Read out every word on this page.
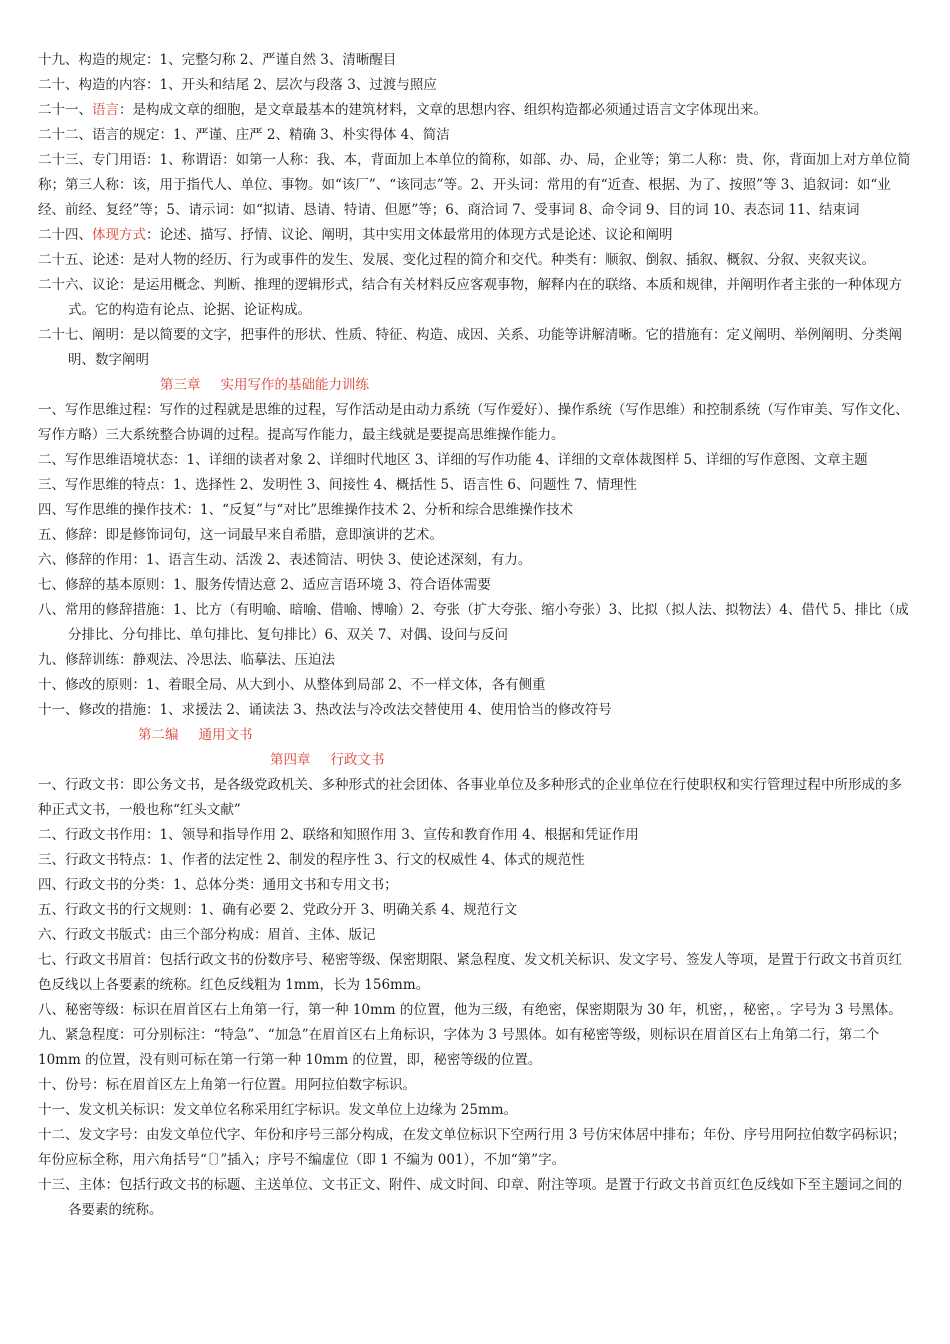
十九、构造的规定：1、完整匀称 2、严谨自然 3、清晰醒目
二十、构造的内容：1、开头和结尾 2、层次与段落 3、过渡与照应
二十一、语言：是构成文章的细胞，是文章最基本的建筑材料，文章的思想内容、组织构造都必须通过语言文字体现出来。
二十二、语言的规定：1、严谨、庄严 2、精确 3、朴实得体 4、简洁
二十三、专门用语：1、称谓语：如第一人称：我、本，背面加上本单位的简称，如部、办、局，企业等；第二人称：贵、你，背面加上对方单位简称；第三人称：该，用于指代人、单位、事物。如“该厂”、“该同志”等。2、开头词：常用的有“近查、根据、为了、按照”等 3、追叙词：如“业经、前经、复经”等；5、请示词：如“拟请、恳请、特请、但愿”等；6、商洽词 7、受事词 8、命令词 9、目的词 10、表态词 11、结束词
二十四、体现方式：论述、描写、抒情、议论、阐明，其中实用文体最常用的体现方式是论述、议论和阐明
二十五、论述：是对人物的经历、行为或事件的发生、发展、变化过程的简介和交代。种类有：顺叙、倒叙、插叙、概叙、分叙、夹叙夹议。
二十六、议论：是运用概念、判断、推理的逻辑形式，结合有关材料反应客观事物，解释内在的联络、本质和规律，并阐明作者主张的一种体现方式。它的构造有论点、论据、论证构成。
二十七、阐明：是以简要的文字，把事件的形状、性质、特征、构造、成因、关系、功能等讲解清晰。它的措施有：定义阐明、举例阐明、分类阐明、数字阐明
第三章 实用写作的基础能力训练
一、写作思维过程：写作的过程就是思维的过程，写作活动是由动力系统（写作爱好）、操作系统（写作思维）和控制系统（写作审美、写作文化、写作方略）三大系统整合协调的过程。提高写作能力，最主线就是要提高思维操作能力。
二、写作思维语境状态：1、详细的读者对象 2、详细时代地区 3、详细的写作功能 4、详细的文章体裁图样 5、详细的写作意图、文章主题
三、写作思维的特点：1、选择性 2、发明性 3、间接性 4、概括性 5、语言性 6、问题性 7、情理性
四、写作思维的操作技术：1、“反复”与“对比”思维操作技术 2、分析和综合思维操作技术
五、修辞：即是修饰词句，这一词最早来自希腊，意即演讲的艺术。
六、修辞的作用：1、语言生动、活泼 2、表述简洁、明快 3、使论述深刻，有力。
七、修辞的基本原则：1、服务传情达意 2、适应言语环境 3、符合语体需要
八、常用的修辞措施：1、比方（有明喻、暗喻、借喻、博喻）2、夸张（扩大夸张、缩小夸张）3、比拟（拟人法、拟物法）4、借代 5、排比（成分排比、分句排比、单句排比、复句排比）6、双关 7、对偶、设问与反问
九、修辞训练：静观法、冷思法、临摹法、压迫法
十、修改的原则：1、着眼全局、从大到小、从整体到局部 2、不一样文体，各有侧重
十一、修改的措施：1、求援法 2、诵读法 3、热改法与冷改法交替使用 4、使用恰当的修改符号
第二编 通用文书
第四章 行政文书
一、行政文书：即公务文书，是各级党政机关、多种形式的社会团体、各事业单位及多种形式的企业单位在行使职权和实行管理过程中所形成的多种正式文书，一般也称“红头文献”
二、行政文书作用：1、领导和指导作用 2、联络和知照作用 3、宣传和教育作用 4、根据和凭证作用
三、行政文书特点：1、作者的法定性 2、制发的程序性 3、行文的权威性 4、体式的规范性
四、行政文书的分类：1、总体分类：通用文书和专用文书；
五、行政文书的行文规则：1、确有必要 2、党政分开 3、明确关系 4、规范行文
六、行政文书版式：由三个部分构成：眉首、主体、版记
七、行政文书眉首：包括行政文书的份数序号、秘密等级、保密期限、紧急程度、发文机关标识、发文字号、签发人等项，是置于行政文书首页红色反线以上各要素的统称。红色反线粗为 1mm，长为 156mm。
八、秘密等级：标识在眉首区右上角第一行，第一种 10mm 的位置，他为三级，有绝密，保密期限为 30 年，机密，，秘密，。字号为 3 号黑体。
九、紧急程度：可分别标注：“特急”、“加急”在眉首区右上角标识，字体为 3 号黑体。如有秘密等级，则标识在眉首区右上角第二行，第二个 10mm 的位置，没有则可标在第一行第一种 10mm 的位置，即，秘密等级的位置。
十、份号：标在眉首区左上角第一行位置。用阿拉伯数字标识。
十一、发文机关标识：发文单位名称采用红字标识。发文单位上边缘为 25mm。
十二、发文字号：由发文单位代字、年份和序号三部分构成，在发文单位标识下空两行用 3 号仿宋体居中排布；年份、序号用阿拉伯数字码标识；年份应标全称，用六角括号“〔〕”插入；序号不编虚位（即 1 不编为 001），不加“第”字。
十三、主体：包括行政文书的标题、主送单位、文书正文、附件、成文时间、印章、附注等项。是置于行政文书首页红色反线如下至主题词之间的各要素的统称。
